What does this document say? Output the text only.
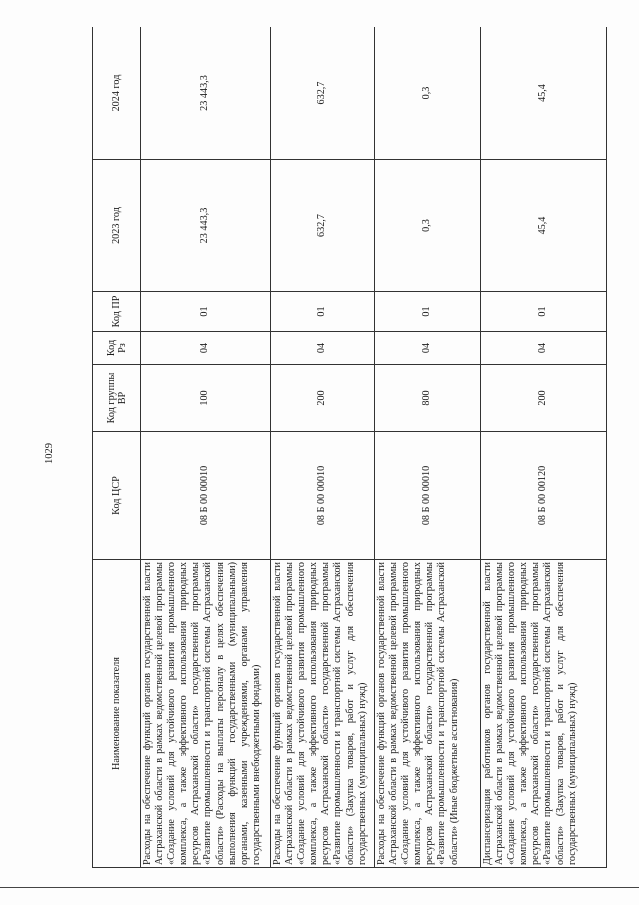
1029
Наименование показателя	Код ЦСР	Код группы ВР	Код Рз	Код ПР	2023 год	2024 год
Расходы на обеспечение функций органов государственной власти Астраханской области в рамках ведомственной целевой программы «Создание условий для устойчивого развития промышленного комплекса, а также эффективного использования природных ресурсов Астраханской области» государственной программы «Развитие промышленности и транспортной системы Астраханской области» (Расходы на выплаты персоналу в целях обеспечения выполнения функций государственными (муниципальными) органами, казенными учреждениями, органами управления государственными внебюджетными фондами)	08 Б 00 00010	100	04	01	23 443,3	23 443,3
Расходы на обеспечение функций органов государственной власти Астраханской области в рамках ведомственной целевой программы «Создание условий для устойчивого развития промышленного комплекса, а также эффективного использования природных ресурсов Астраханской области» государственной программы «Развитие промышленности и транспортной системы Астраханской области» (Закупка товаров, работ и услуг для обеспечения государственных (муниципальных) нужд)	08 Б 00 00010	200	04	01	632,7	632,7
Расходы на обеспечение функций органов государственной власти Астраханской области в рамках ведомственной целевой программы «Создание условий для устойчивого развития промышленного комплекса, а также эффективного использования природных ресурсов Астраханской области» государственной программы «Развитие промышленности и транспортной системы Астраханской области» (Иные бюджетные ассигнования)	08 Б 00 00010	800	04	01	0,3	0,3
Диспансеризация работников органов государственной власти Астраханской области в рамках ведомственной целевой программы «Создание условий для устойчивого развития промышленного комплекса, а также эффективного использования природных ресурсов Астраханской области» государственной программы «Развитие промышленности и транспортной системы Астраханской области» (Закупка товаров, работ и услуг для обеспечения государственных (муниципальных) нужд)	08 Б 00 00120	200	04	01	45,4	45,4
